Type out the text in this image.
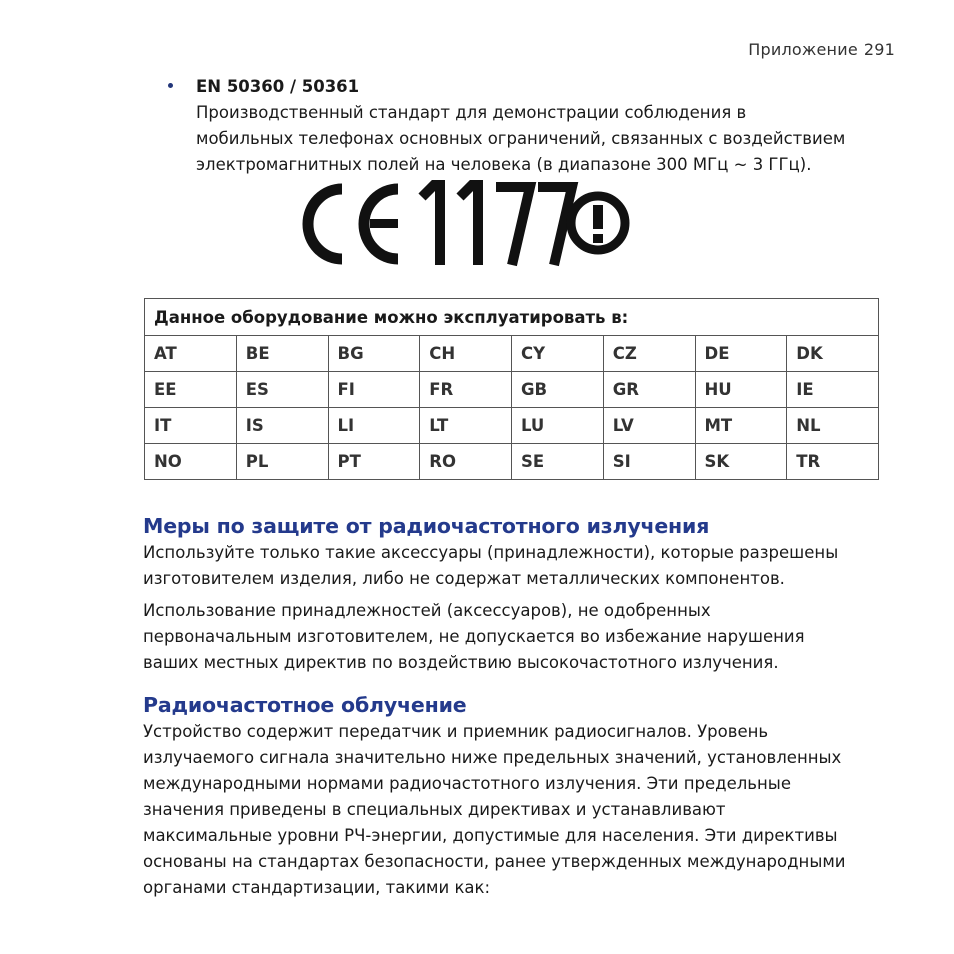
Приложение 291
EN 50360 / 50361
Производственный стандарт для демонстрации соблюдения в
мобильных телефонах основных ограничений, связанных с воздействием
электромагнитных полей на человека (в диапазоне 300 МГц ~ 3 ГГц).
Данное оборудование можно эксплуатировать в:							
AT	BE	BG	CH	CY	CZ	DE	DK
EE	ES	FI	FR	GB	GR	HU	IE
IT	IS	LI	LT	LU	LV	MT	NL
NO	PL	PT	RO	SE	SI	SK	TR
Меры по защите от радиочастотного излучения

Используйте только такие аксессуары (принадлежности), которые разрешены
изготовителем изделия, либо не содержат металлических компонентов.

Использование принадлежностей (аксессуаров), не одобренных
первоначальным изготовителем, не допускается во избежание нарушения
ваших местных директив по воздействию высокочастотного излучения.

Радиочастотное облучение

Устройство содержит передатчик и приемник радиосигналов. Уровень
излучаемого сигнала значительно ниже предельных значений, установленных
международными нормами радиочастотного излучения. Эти предельные
значения приведены в специальных директивах и устанавливают
максимальные уровни РЧ-энергии, допустимые для населения. Эти директивы
основаны на стандартах безопасности, ранее утвержденных международными
органами стандартизации, такими как:
